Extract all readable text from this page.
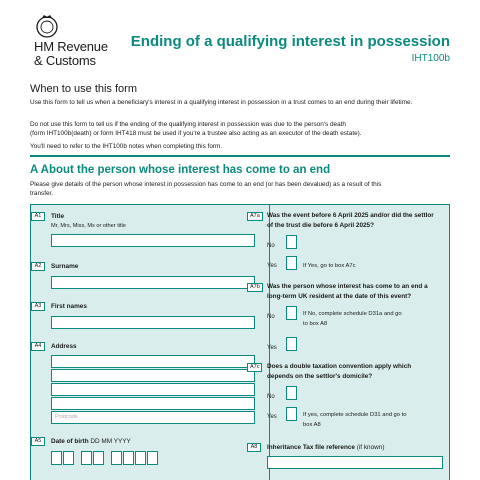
HM Revenue
& Customs
Ending of a qualifying interest in possession
IHT100b
When to use this form
Use this form to tell us when a beneficiary's interest in a qualifying interest in possession in a trust comes to an end during their lifetime.
Do not use this form to tell us if the ending of the qualifying interest in possession was due to the person's death
(form IHT100b(death) or form IHT418 must be used if you're a trustee also acting as an executor of the death estate).
You'll need to refer to the IHT100b notes when completing this form.
A About the person whose interest has come to an end
Please give details of the person whose interest in possession has come to an end (or has been devalued) as a result of this transfer.
A1	Title
Mr, Mrs, Miss, Ms or other title
A2	Surname
A3	First names
A4	Address
Postcode
A5	Date of birth DD MM YYYY
A7a	Was the event before 6 April 2025 and/or did the settlor of the trust die before 6 April 2025?
No
Yes	If Yes, go to box A7c
A7b	Was the person whose interest has come to an end a long-term UK resident at the date of this event?
No	If No, complete schedule D31a and go to box A8
Yes
A7c	Does a double taxation convention apply which depends on the settlor's domicile?
No
Yes	If yes, complete schedule D31 and go to box A8
A8	Inheritance Tax file reference (if known)
